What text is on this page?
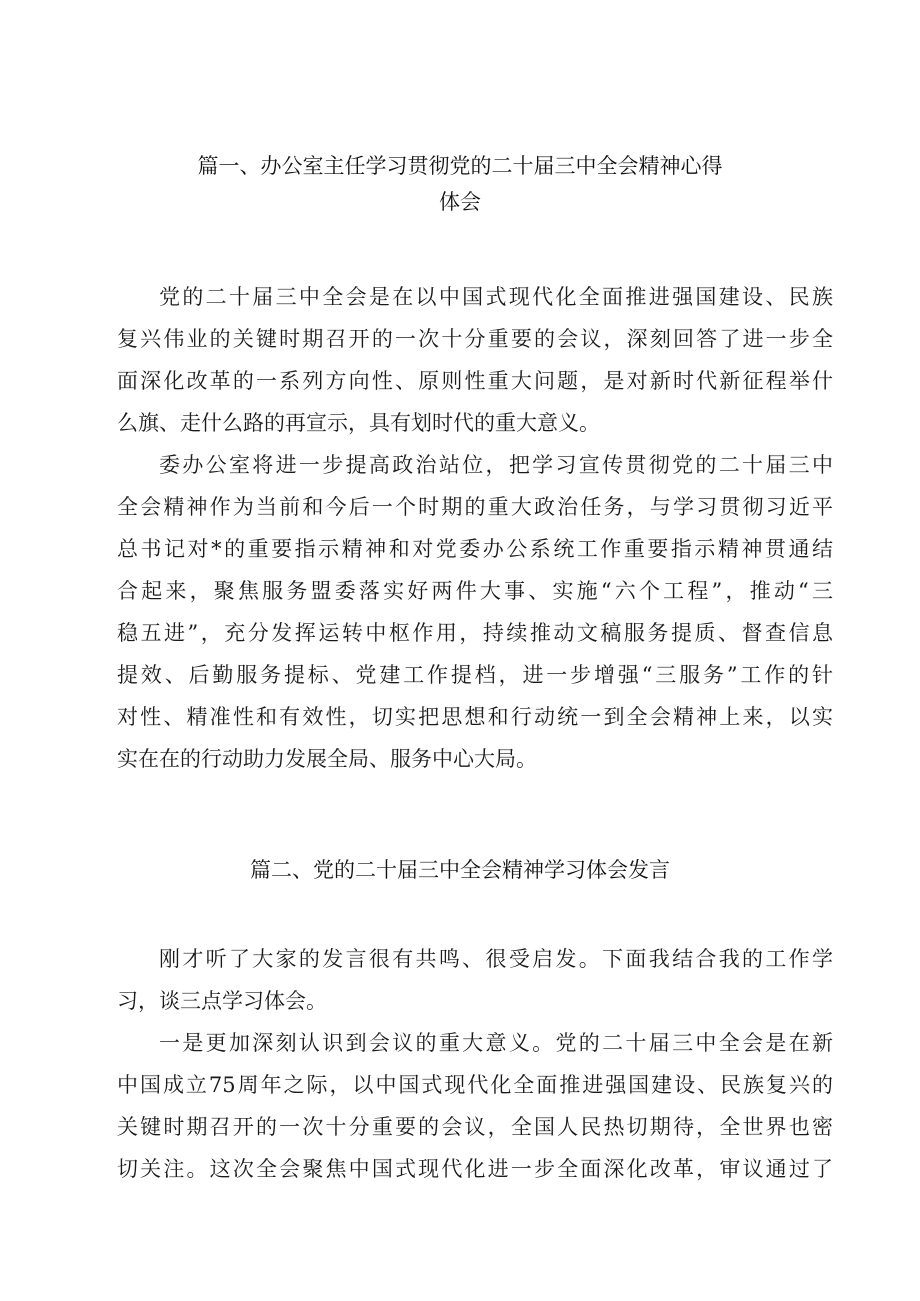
篇一、办公室主任学习贯彻党的二十届三中全会精神心得
体会
党的二十届三中全会是在以中国式现代化全面推进强国建设、民族
复兴伟业的关键时期召开的一次十分重要的会议，深刻回答了进一步全
面深化改革的一系列方向性、原则性重大问题，是对新时代新征程举什
么旗、走什么路的再宣示，具有划时代的重大意义。
委办公室将进一步提高政治站位，把学习宣传贯彻党的二十届三中
全会精神作为当前和今后一个时期的重大政治任务，与学习贯彻习近平
总书记对*的重要指示精神和对党委办公系统工作重要指示精神贯通结
合起来，聚焦服务盟委落实好两件大事、实施“六个工程”，推动“三
稳五进”，充分发挥运转中枢作用，持续推动文稿服务提质、督查信息
提效、后勤服务提标、党建工作提档，进一步增强“三服务”工作的针
对性、精准性和有效性，切实把思想和行动统一到全会精神上来，以实
实在在的行动助力发展全局、服务中心大局。
篇二、党的二十届三中全会精神学习体会发言
刚才听了大家的发言很有共鸣、很受启发。下面我结合我的工作学
习，谈三点学习体会。
一是更加深刻认识到会议的重大意义。党的二十届三中全会是在新
中国成立75周年之际，以中国式现代化全面推进强国建设、民族复兴的
关键时期召开的一次十分重要的会议，全国人民热切期待，全世界也密
切关注。这次全会聚焦中国式现代化进一步全面深化改革，审议通过了
